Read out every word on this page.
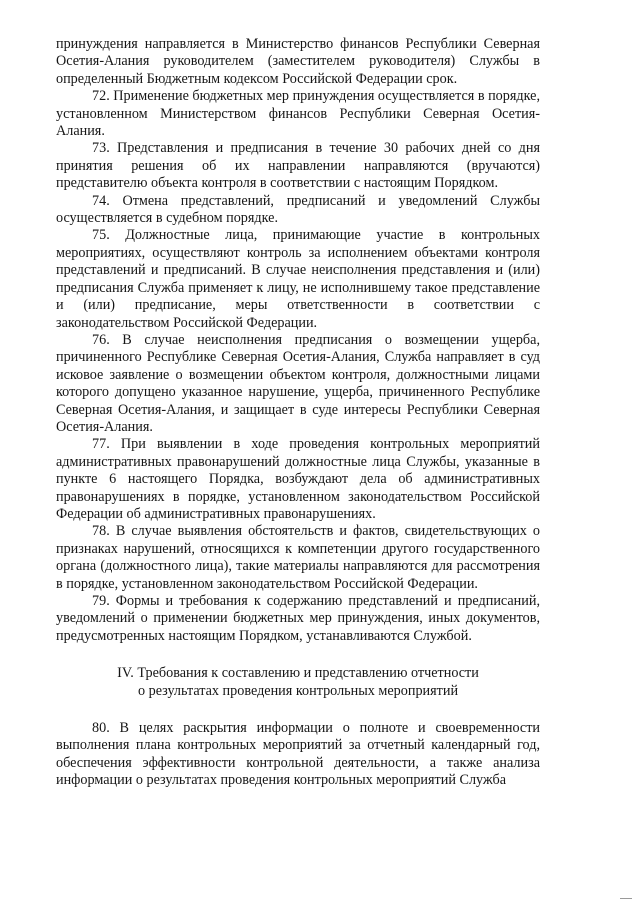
принуждения направляется в Министерство финансов Республики Северная Осетия-Алания руководителем (заместителем руководителя) Службы в определенный Бюджетным кодексом Российской Федерации срок.

72. Применение бюджетных мер принуждения осуществляется в порядке, установленном Министерством финансов Республики Северная Осетия-Алания.

73. Представления и предписания в течение 30 рабочих дней со дня принятия решения об их направлении направляются (вручаются) представителю объекта контроля в соответствии с настоящим Порядком.

74. Отмена представлений, предписаний и уведомлений Службы осуществляется в судебном порядке.

75. Должностные лица, принимающие участие в контрольных мероприятиях, осуществляют контроль за исполнением объектами контроля представлений и предписаний. В случае неисполнения представления и (или) предписания Служба применяет к лицу, не исполнившему такое представление и (или) предписание, меры ответственности в соответствии с законодательством Российской Федерации.

76. В случае неисполнения предписания о возмещении ущерба, причиненного Республике Северная Осетия-Алания, Служба направляет в суд исковое заявление о возмещении объектом контроля, должностными лицами которого допущено указанное нарушение, ущерба, причиненного Республике Северная Осетия-Алания, и защищает в суде интересы Республики Северная Осетия-Алания.

77. При выявлении в ходе проведения контрольных мероприятий административных правонарушений должностные лица Службы, указанные в пункте 6 настоящего Порядка, возбуждают дела об административных правонарушениях в порядке, установленном законодательством Российской Федерации об административных правонарушениях.

78. В случае выявления обстоятельств и фактов, свидетельствующих о признаках нарушений, относящихся к компетенции другого государственного органа (должностного лица), такие материалы направляются для рассмотрения в порядке, установленном законодательством Российской Федерации.

79. Формы и требования к содержанию представлений и предписаний, уведомлений о применении бюджетных мер принуждения, иных документов, предусмотренных настоящим Порядком, устанавливаются Службой.

IV. Требования к составлению и представлению отчетности
о результатах проведения контрольных мероприятий

80. В целях раскрытия информации о полноте и своевременности выполнения плана контрольных мероприятий за отчетный календарный год, обеспечения эффективности контрольной деятельности, а также анализа информации о результатах проведения контрольных мероприятий Служба
